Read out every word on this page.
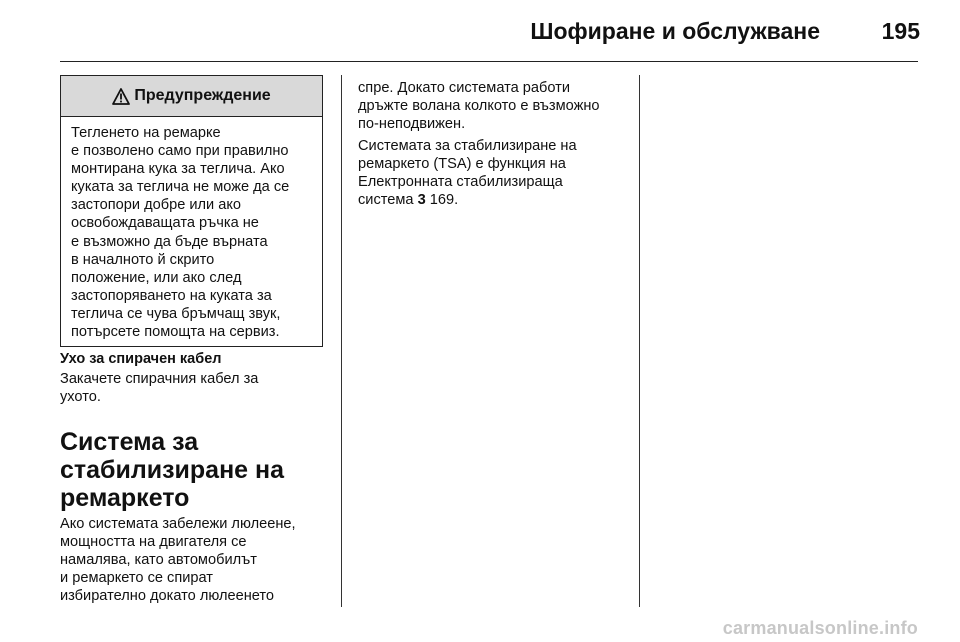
Шофиране и обслужване	195
Предупреждение
Тегленето на ремарке
е позволено само при правилно
монтирана кука за теглича. Ако
куката за теглича не може да се
застопори добре или ако
освобождаващата ръчка не
е възможно да бъде върната
в началното й скрито
положение, или ако след
застопоряването на куката за
теглича се чува бръмчащ звук,
потърсете помощта на сервиз.
Ухо за спирачен кабел
Закачете спирачния кабел за
ухото.
Система за
стабилизиране на
ремаркето
Ако системата забележи люлеене,
мощността на двигателя се
намалява, като автомобилът
и ремаркето се спират
избирателно докато люлеенето
спре. Докато системата работи
дръжте волана колкото е възможно
по-неподвижен.
Системата за стабилизиране на
ремаркето (TSA) е функция на
Електронната стабилизираща
система 3 169.
carmanualsonline.info
